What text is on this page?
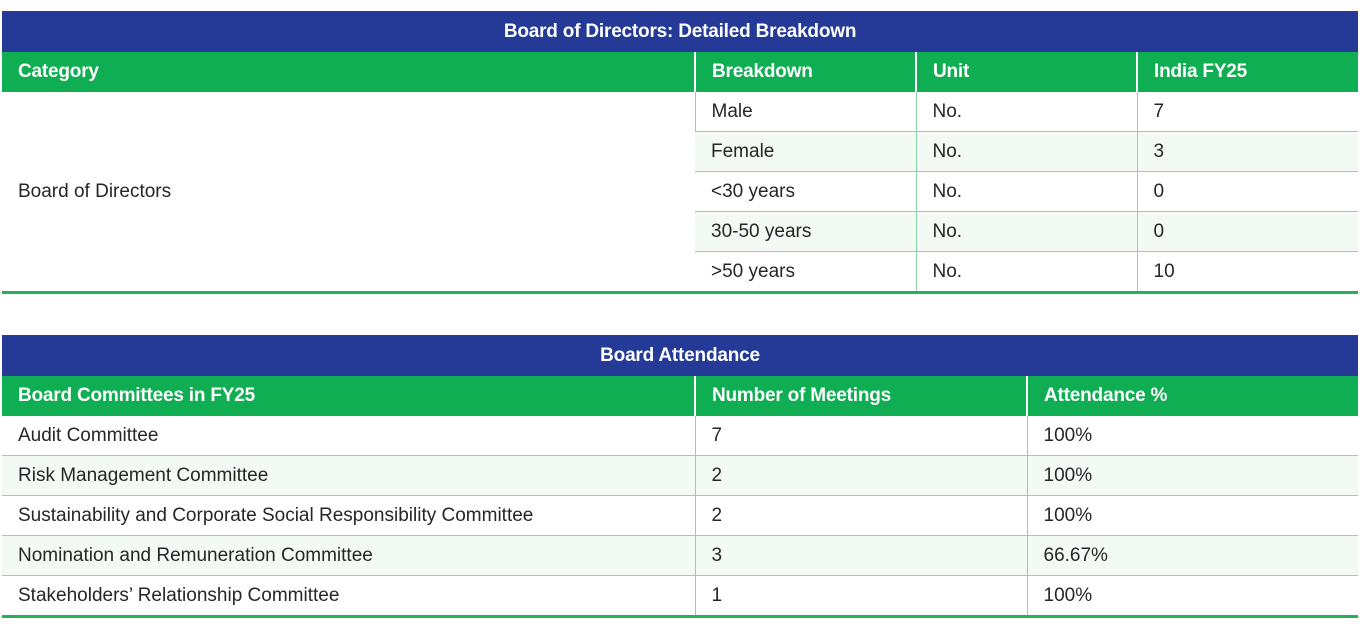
Board of Directors: Detailed Breakdown			
Category	Breakdown	Unit	India FY25
Board of Directors	Male	No.	7
	Female	No.	3
	<30 years	No.	0
	30-50 years	No.	0
	>50 years	No.	10
Board Attendance		
Board Committees in FY25	Number of Meetings	Attendance %
Audit Committee	7	100%
Risk Management Committee	2	100%
Sustainability and Corporate Social Responsibility Committee	2	100%
Nomination and Remuneration Committee	3	66.67%
Stakeholders’ Relationship Committee	1	100%
